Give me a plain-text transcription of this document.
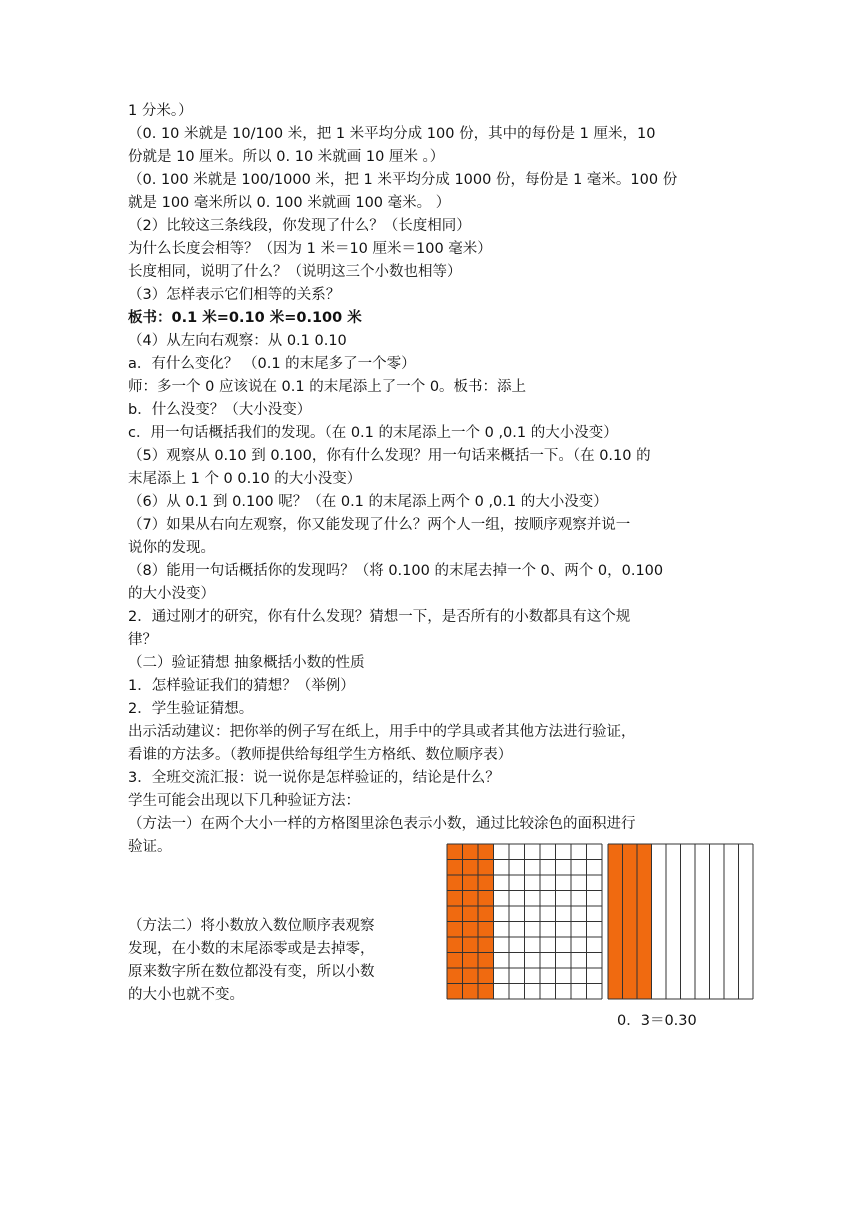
1 分米。）
（0. 10 米就是 10/100 米，把 1 米平均分成 100 份，其中的每份是 1 厘米，10
份就是 10 厘米。所以 0. 10 米就画 10 厘米 。）
（0. 100 米就是 100/1000 米，把 1 米平均分成 1000 份，每份是 1 毫米。100 份
就是 100 毫米所以 0. 100 米就画 100 毫米。 ）
（2）比较这三条线段，你发现了什么？（长度相同）
为什么长度会相等？（因为 1 米＝10 厘米＝100 毫米）
长度相同，说明了什么？（说明这三个小数也相等）
（3）怎样表示它们相等的关系？
板书：0.1 米=0.10 米=0.100 米
（4）从左向右观察：从 0.1 0.10
a．有什么变化？ （0.1 的末尾多了一个零）
师：多一个 0 应该说在 0.1 的末尾添上了一个 0。板书：添上
b．什么没变？（大小没变）
c．用一句话概括我们的发现。（在 0.1 的末尾添上一个 0 ,0.1 的大小没变）
（5）观察从 0.10 到 0.100，你有什么发现？用一句话来概括一下。（在 0.10 的
末尾添上 1 个 0 0.10 的大小没变）
（6）从 0.1 到 0.100 呢？（在 0.1 的末尾添上两个 0 ,0.1 的大小没变）
（7）如果从右向左观察，你又能发现了什么？两个人一组，按顺序观察并说一
说你的发现。
（8）能用一句话概括你的发现吗？（将 0.100 的末尾去掉一个 0、两个 0，0.100
的大小没变）
2．通过刚才的研究，你有什么发现？猜想一下，是否所有的小数都具有这个规
律？
（二）验证猜想 抽象概括小数的性质
1．怎样验证我们的猜想？（举例）
2．学生验证猜想。
出示活动建议：把你举的例子写在纸上，用手中的学具或者其他方法进行验证，
看谁的方法多。（教师提供给每组学生方格纸、数位顺序表）
3．全班交流汇报：说一说你是怎样验证的，结论是什么？
学生可能会出现以下几种验证方法：
（方法一）在两个大小一样的方格图里涂色表示小数，通过比较涂色的面积进行
验证。
（方法二）将小数放入数位顺序表观察
发现，在小数的末尾添零或是去掉零，
原来数字所在数位都没有变，所以小数
的大小也就不变。
0．3＝0.30
